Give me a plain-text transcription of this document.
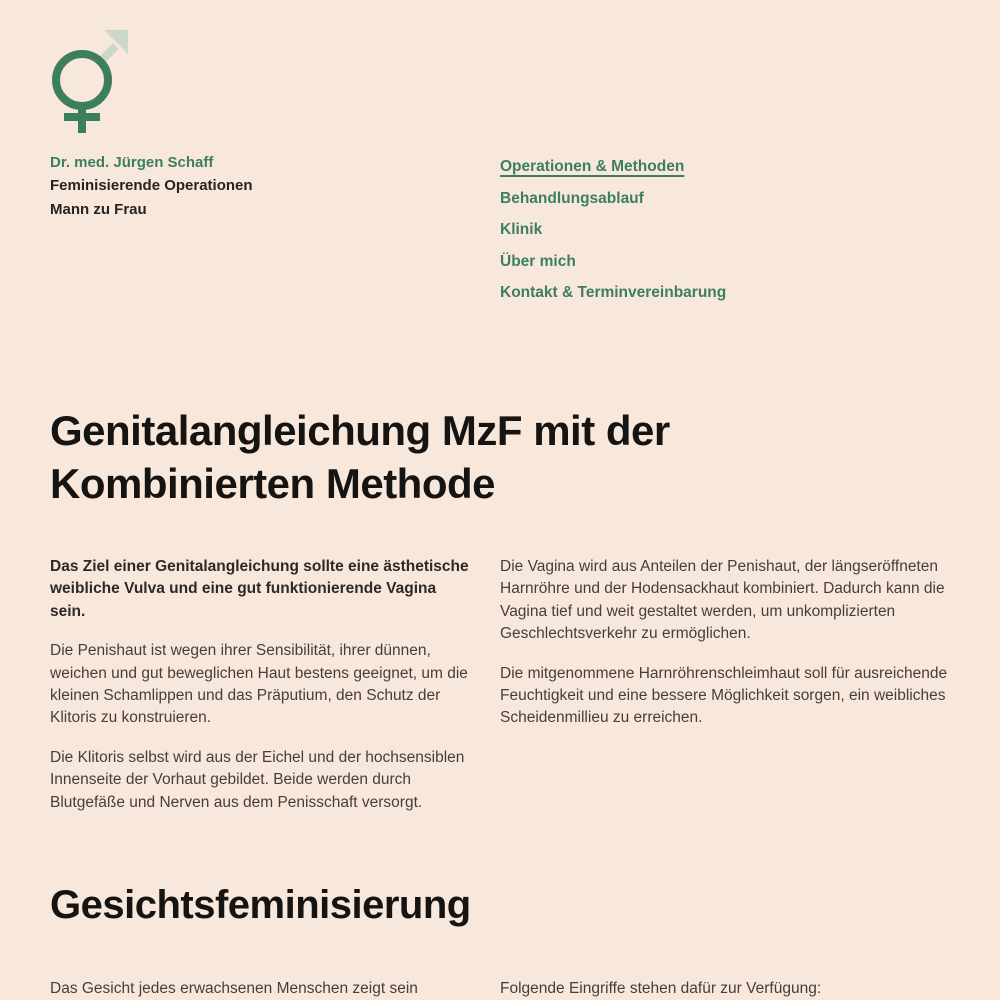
Dr. med. Jürgen Schaff
Feminisierende Operationen
Mann zu Frau
Operationen & Methoden
Behandlungsablauf
Klinik
Über mich
Kontakt & Terminvereinbarung
Genitalangleichung MzF mit der Kombinierten Methode

Das Ziel einer Genitalangleichung sollte eine ästhetische weibliche Vulva und eine gut funktionierende Vagina sein.

Die Penishaut ist wegen ihrer Sensibilität, ihrer dünnen, weichen und gut beweglichen Haut bestens geeignet, um die kleinen Schamlippen und das Präputium, den Schutz der Klitoris zu konstruieren.

Die Klitoris selbst wird aus der Eichel und der hochsensiblen Innenseite der Vorhaut gebildet. Beide werden durch Blutgefäße und Nerven aus dem Penisschaft versorgt.

Die Vagina wird aus Anteilen der Penishaut, der längseröffneten Harnröhre und der Hodensackhaut kombiniert. Dadurch kann die Vagina tief und weit gestaltet werden, um unkomplizierten Geschlechtsverkehr zu ermöglichen.

Die mitgenommene Harnröhrenschleimhaut soll für ausreichende Feuchtigkeit und eine bessere Möglichkeit sorgen, ein weibliches Scheidenmillieu zu erreichen.

Gesichtsfeminisierung

Das Gesicht jedes erwachsenen Menschen zeigt sein	Folgende Eingriffe stehen dafür zur Verfügung:
